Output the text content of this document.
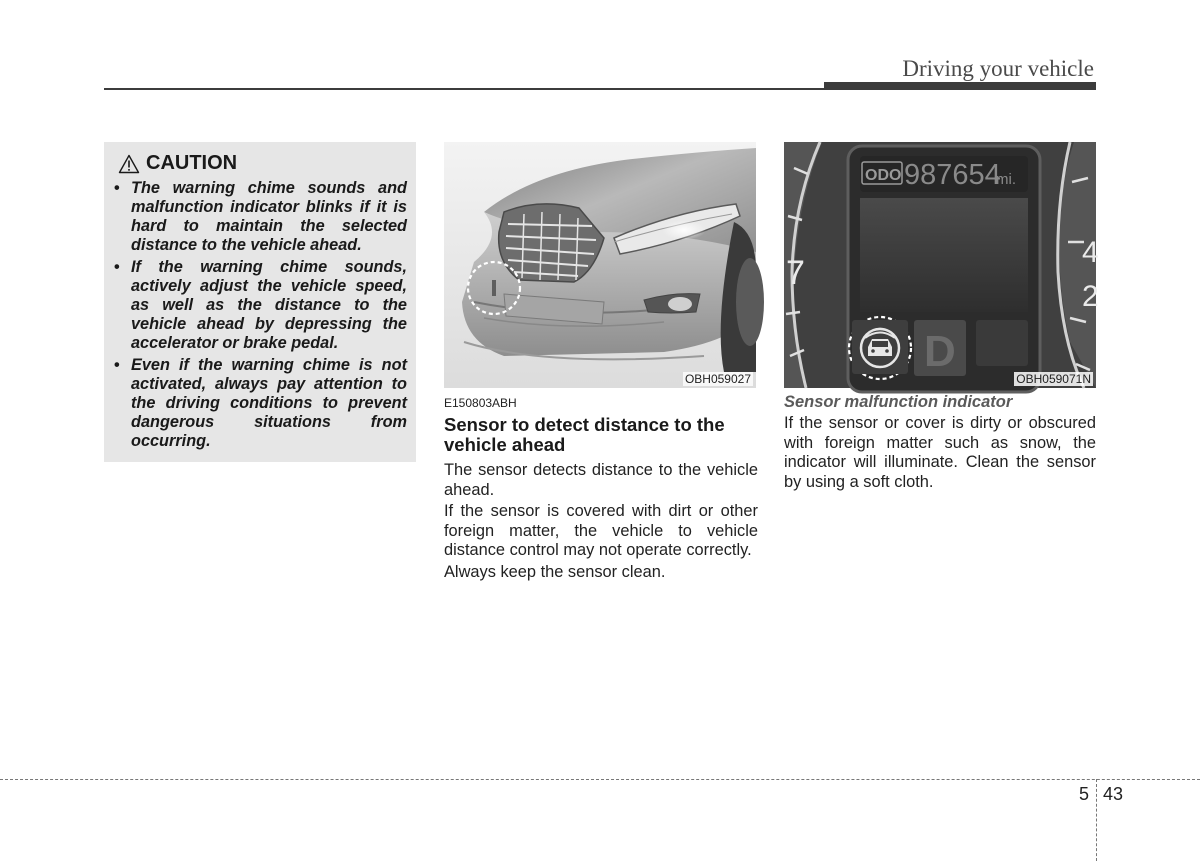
Driving your vehicle
CAUTION
• The warning chime sounds and malfunction indicator blinks if it is hard to maintain the selected distance to the vehicle ahead.
• If the warning chime sounds, actively adjust the vehicle speed, as well as the distance to the vehicle ahead by depressing the accelerator or brake pedal.
• Even if the warning chime is not activated, always pay attention to the driving conditions to prevent dangerous situations from occurring.
OBH059027
7
4
2
ODO 987654
mi.
D
OBH059071N
E150803ABH
Sensor to detect distance to the vehicle ahead

The sensor detects distance to the vehicle ahead.

If the sensor is covered with dirt or other foreign matter, the vehicle to vehicle distance control may not operate correctly.

Always keep the sensor clean.

Sensor malfunction indicator

If the sensor or cover is dirty or obscured with foreign matter such as snow, the indicator will illuminate. Clean the sensor by using a soft cloth.

5 43
